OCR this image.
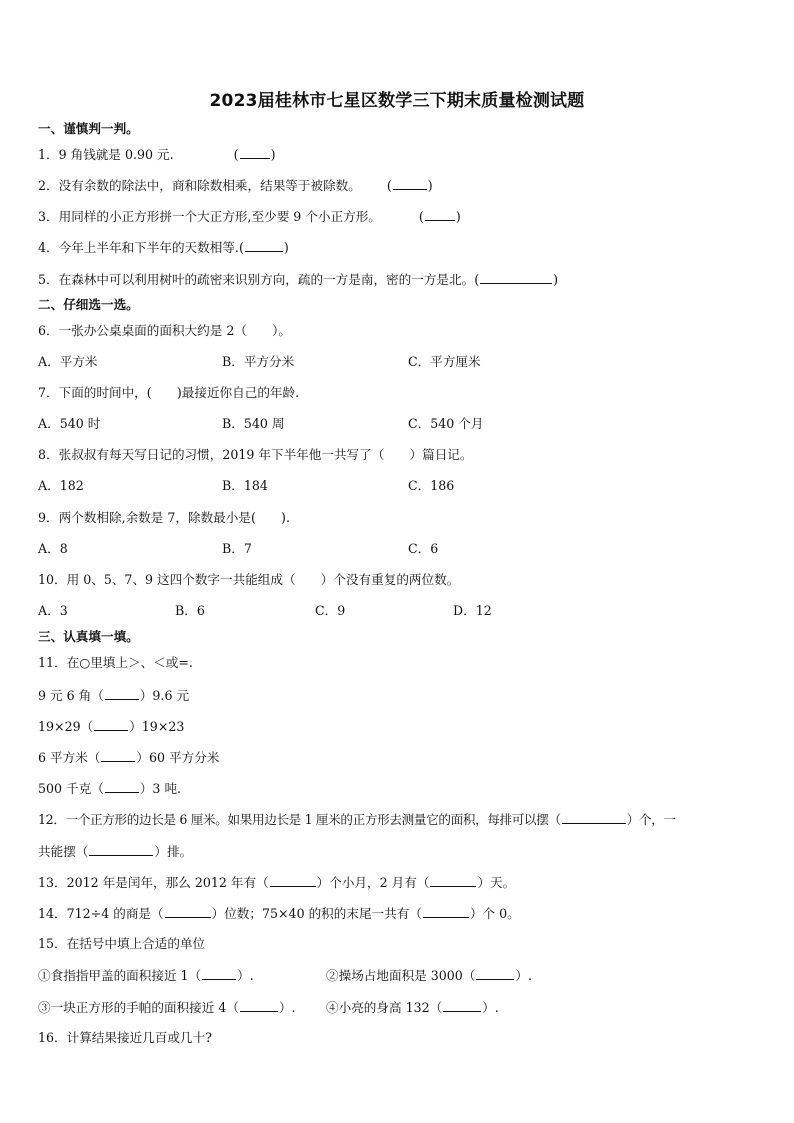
2023届桂林市七星区数学三下期末质量检测试题
一、谨慎判一判。
1．9 角钱就是 0.90 元.	(	)
2．没有余数的除法中，商和除数相乘，结果等于被除数。 (	)
3．用同样的小正方形拼一个大正方形,至少要 9 个小正方形。	(	)
4．今年上半年和下半年的天数相等.(	)
5．在森林中可以利用树叶的疏密来识别方向，疏的一方是南，密的一方是北。(	)
二、仔细选一选。
6．一张办公桌桌面的面积大约是 2（　　）。
A．平方米	B．平方分米	C．平方厘米
7．下面的时间中，(　　)最接近你自己的年龄.
A．540 时	B．540 周	C．540 个月
8．张叔叔有每天写日记的习惯，2019 年下半年他一共写了（　　）篇日记。
A．182	B．184	C．186
9．两个数相除,余数是 7，除数最小是(　　).
A．8	B．7	C．6
10．用 0、5、7、9 这四个数字一共能组成（　　）个没有重复的两位数。
A．3	B．6	C．9	D．12
三、认真填一填。
11．在○里填上＞、＜或=.
9 元 6 角（	）9.6 元
19×29（	）19×23
6 平方米（	）60 平方分米
500 千克（	）3 吨.
12．一个正方形的边长是 6 厘米。如果用边长是 1 厘米的正方形去测量它的面积，每排可以摆（	）个，一
共能摆（	）排。
13．2012 年是闰年，那么 2012 年有（	）个小月，2 月有（	）天。
14．712÷4 的商是（	）位数；75×40 的积的末尾一共有（	）个 0。
15．在括号中填上合适的单位
①食指指甲盖的面积接近 1（	）.	②操场占地面积是 3000（	）.
③一块正方形的手帕的面积接近 4（	）. ④小亮的身高 132（	）.
16．计算结果接近几百或几十?
